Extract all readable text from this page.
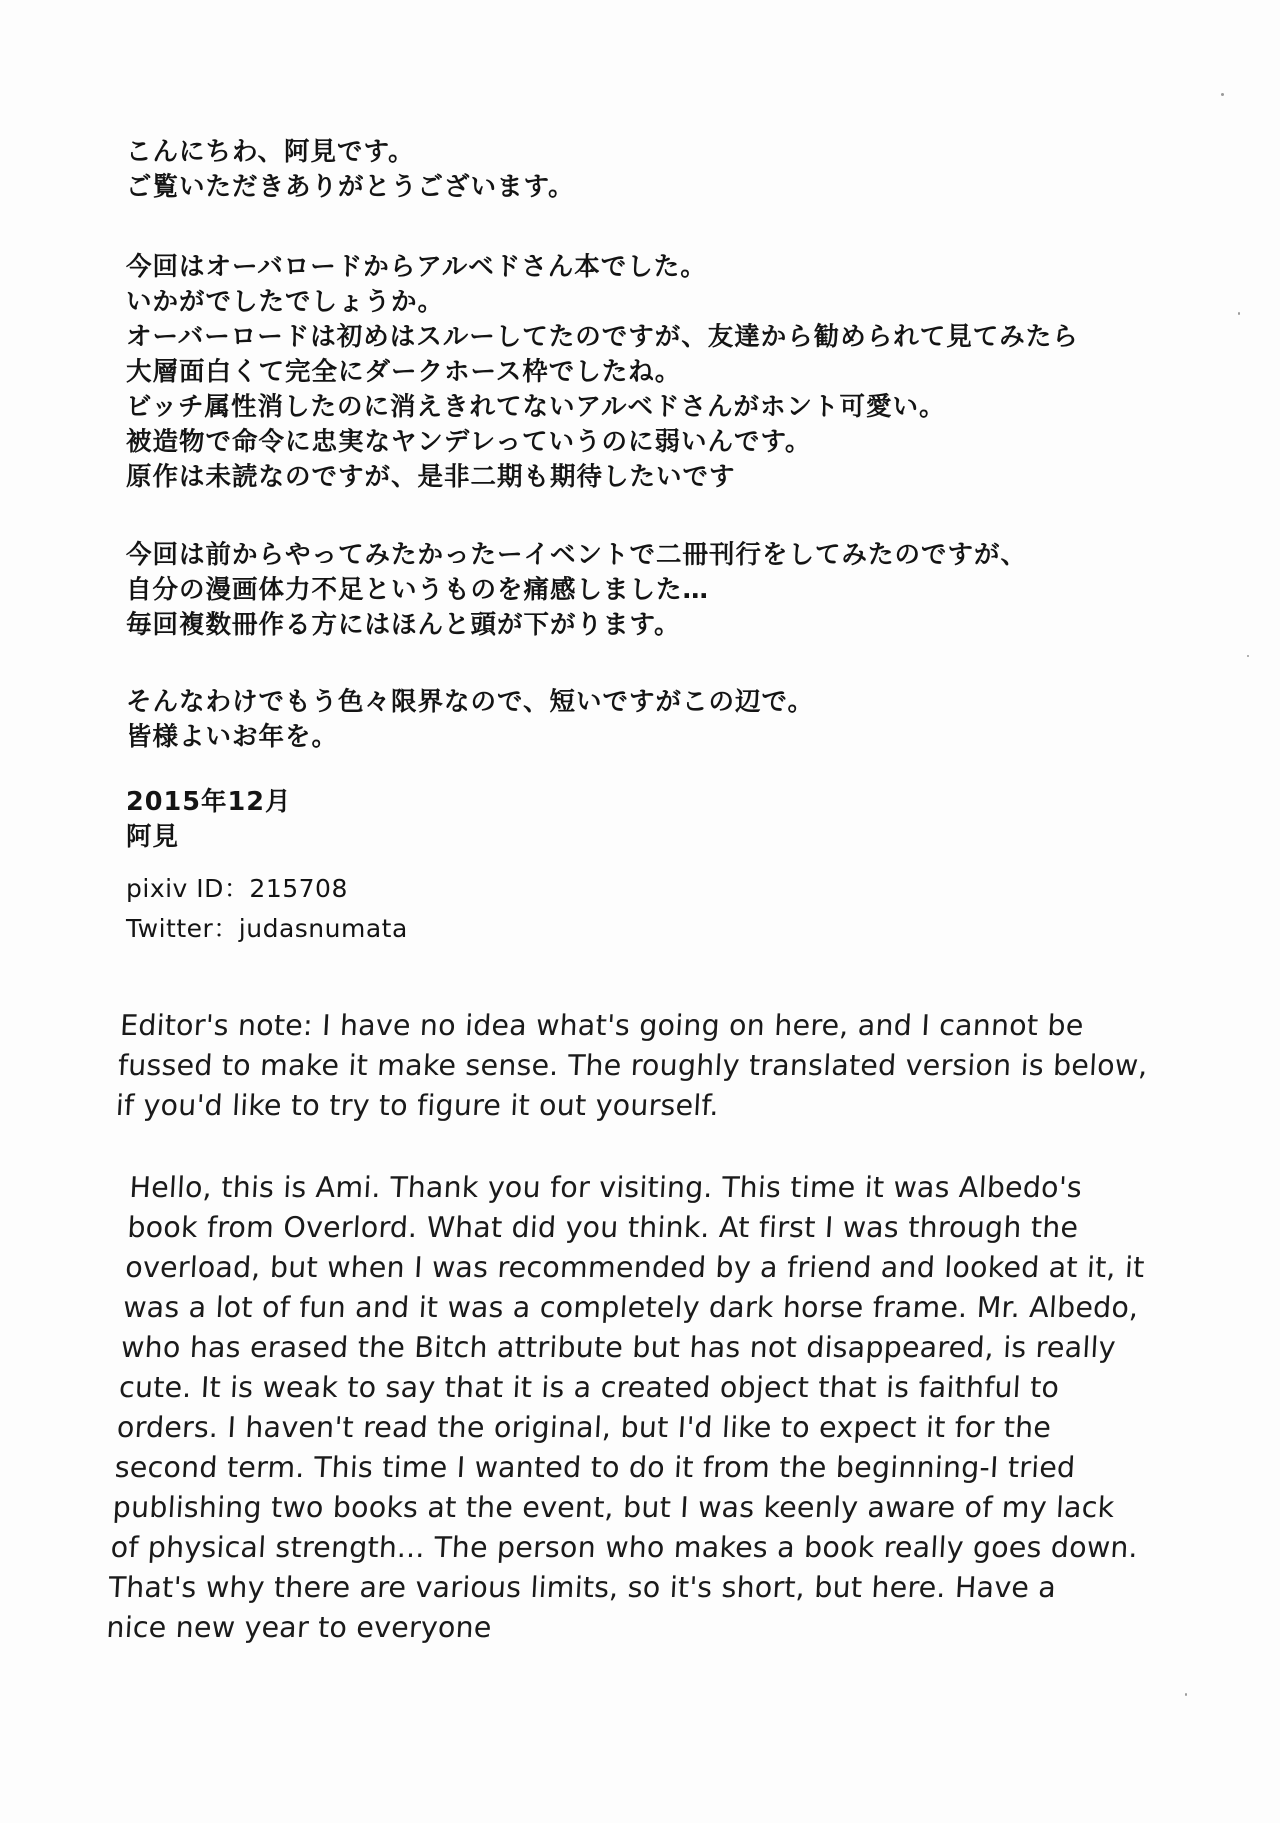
こんにちわ、阿見です。
ご覧いただきありがとうございます。
今回はオーバロードからアルベドさん本でした。
いかがでしたでしょうか。
オーバーロードは初めはスルーしてたのですが、友達から勧められて見てみたら
大層面白くて完全にダークホース枠でしたね。
ビッチ属性消したのに消えきれてないアルベドさんがホント可愛い。
被造物で命令に忠実なヤンデレっていうのに弱いんです。
原作は未読なのですが、是非二期も期待したいです
今回は前からやってみたかったーイベントで二冊刊行をしてみたのですが、
自分の漫画体力不足というものを痛感しました…
毎回複数冊作る方にはほんと頭が下がります。
そんなわけでもう色々限界なので、短いですがこの辺で。
皆様よいお年を。
2015年12月
阿見
pixiv ID：215708
Twitter：judasnumata
Editor's note: I have no idea what's going on here, and I cannot be
fussed to make it make sense. The roughly translated version is below,
if you'd like to try to figure it out yourself.
Hello, this is Ami. Thank you for visiting. This time it was Albedo's
book from Overlord. What did you think. At first I was through the
overload, but when I was recommended by a friend and looked at it, it
was a lot of fun and it was a completely dark horse frame. Mr. Albedo,
who has erased the Bitch attribute but has not disappeared, is really
cute. It is weak to say that it is a created object that is faithful to
orders. I haven't read the original, but I'd like to expect it for the
second term. This time I wanted to do it from the beginning-I tried
publishing two books at the event, but I was keenly aware of my lack
of physical strength... The person who makes a book really goes down.
That's why there are various limits, so it's short, but here. Have a
nice new year to everyone
